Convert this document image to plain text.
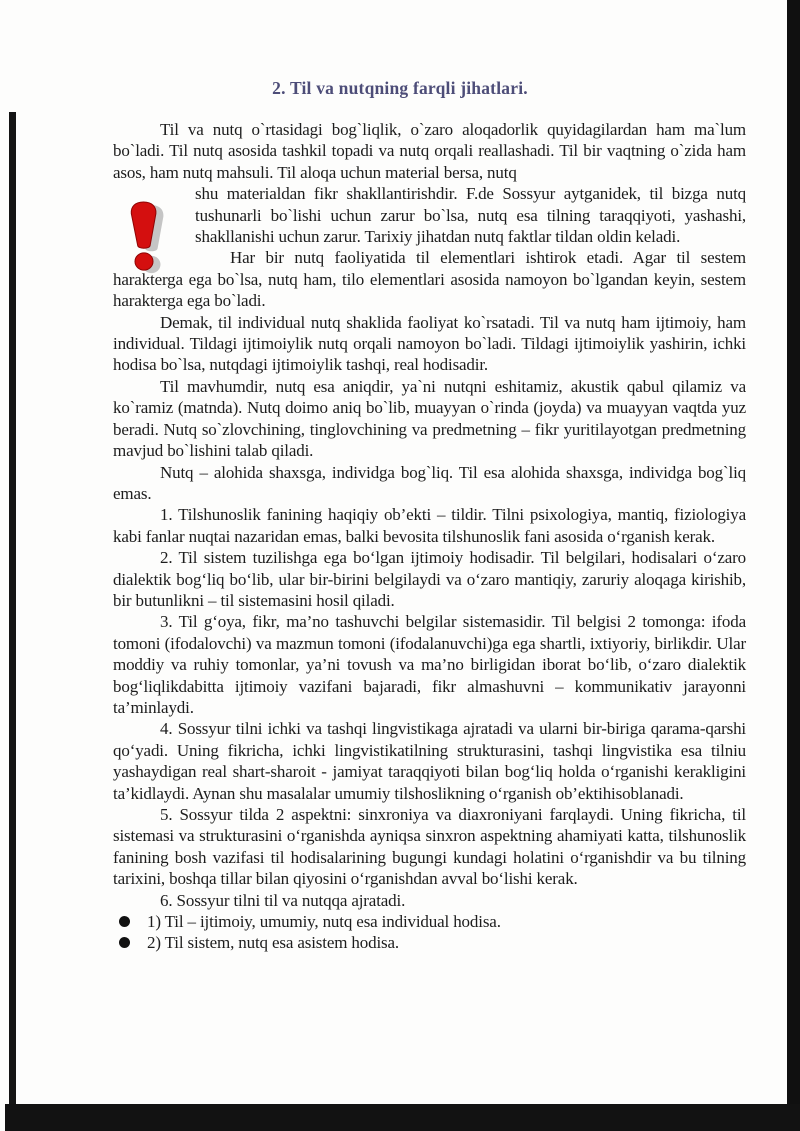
2. Til va nutqning farqli jihatlari.

Til va nutq o`rtasidagi bog`liqlik, o`zaro aloqadorlik quyidagilardan ham ma`lum bo`ladi. Til nutq asosida tashkil topadi va nutq orqali reallashadi. Til bir vaqtning o`zida ham asos, ham nutq mahsuli. Til aloqa uchun material bersa, nutq

shu materialdan fikr shakllantirishdir. F.de Sossyur aytganidek, til bizga nutq tushunarli bo`lishi uchun zarur bo`lsa, nutq esa tilning taraqqiyoti, yashashi, shakllanishi uchun zarur. Tarixiy jihatdan nutq faktlar tildan oldin keladi.

Har bir nutq faoliyatida til elementlari ishtirok etadi. Agar til sestem harakterga ega bo`lsa, nutq ham, tilo elementlari asosida namoyon bo`lgandan keyin, sestem harakterga ega bo`ladi.

Demak, til individual nutq shaklida faoliyat ko`rsatadi. Til va nutq ham ijtimoiy, ham individual. Tildagi ijtimoiylik nutq orqali namoyon bo`ladi. Tildagi ijtimoiylik yashirin, ichki hodisa bo`lsa, nutqdagi ijtimoiylik tashqi, real hodisadir.

Til mavhumdir, nutq esa aniqdir, ya`ni nutqni eshitamiz, akustik qabul qilamiz va ko`ramiz (matnda). Nutq doimo aniq bo`lib, muayyan o`rinda (joyda) va muayyan vaqtda yuz beradi. Nutq so`zlovchining, tinglovchining va predmetning – fikr yuritilayotgan predmetning mavjud bo`lishini talab qiladi.

Nutq – alohida shaxsga, individga bog`liq. Til esa alohida shaxsga, individga bog`liq emas.

1. Tilshunoslik fanining haqiqiy ob’ekti – tildir. Tilni psixologiya, mantiq, fiziologiya kabi fanlar nuqtai nazaridan emas, balki bevosita tilshunoslik fani asosida o‘rganish kerak.

2. Til sistem tuzilishga ega bo‘lgan ijtimoiy hodisadir. Til belgilari, hodisalari o‘zaro dialektik bog‘liq bo‘lib, ular bir-birini belgilaydi va o‘zaro mantiqiy, zaruriy aloqaga kirishib, bir butunlikni – til sistemasini hosil qiladi.

3. Til g‘oya, fikr, ma’no tashuvchi belgilar sistemasidir. Til belgisi 2 tomonga: ifoda tomoni (ifodalovchi) va mazmun tomoni (ifodalanuvchi)ga ega shartli, ixtiyoriy, birlikdir. Ular moddiy va ruhiy tomonlar, ya’ni tovush va ma’no birligidan iborat bo‘lib, o‘zaro dialektik bog‘liqlikdabitta ijtimoiy vazifani bajaradi, fikr almashuvni – kommunikativ jarayonni ta’minlaydi.

4. Sossyur tilni ichki va tashqi lingvistikaga ajratadi va ularni bir-biriga qarama-qarshi qo‘yadi. Uning fikricha, ichki lingvistikatilning strukturasini, tashqi lingvistika esa tilniu yashaydigan real shart-sharoit - jamiyat taraqqiyoti bilan bog‘liq holda o‘rganishi kerakligini ta’kidlaydi. Aynan shu masalalar umumiy tilshoslikning o‘rganish ob’ektihisoblanadi.

5. Sossyur tilda 2 aspektni: sinxroniya va diaxroniyani farqlaydi. Uning fikricha, til sistemasi va strukturasini o‘rganishda ayniqsa sinxron aspektning ahamiyati katta, tilshunoslik fanining bosh vazifasi til hodisalarining bugungi kundagi holatini o‘rganishdir va bu tilning tarixini, boshqa tillar bilan qiyosini o‘rganishdan avval bo‘lishi kerak.

6. Sossyur tilni til va nutqqa ajratadi.

1) Til – ijtimoiy, umumiy, nutq esa individual hodisa.

2) Til sistem, nutq esa asistem hodisa.
